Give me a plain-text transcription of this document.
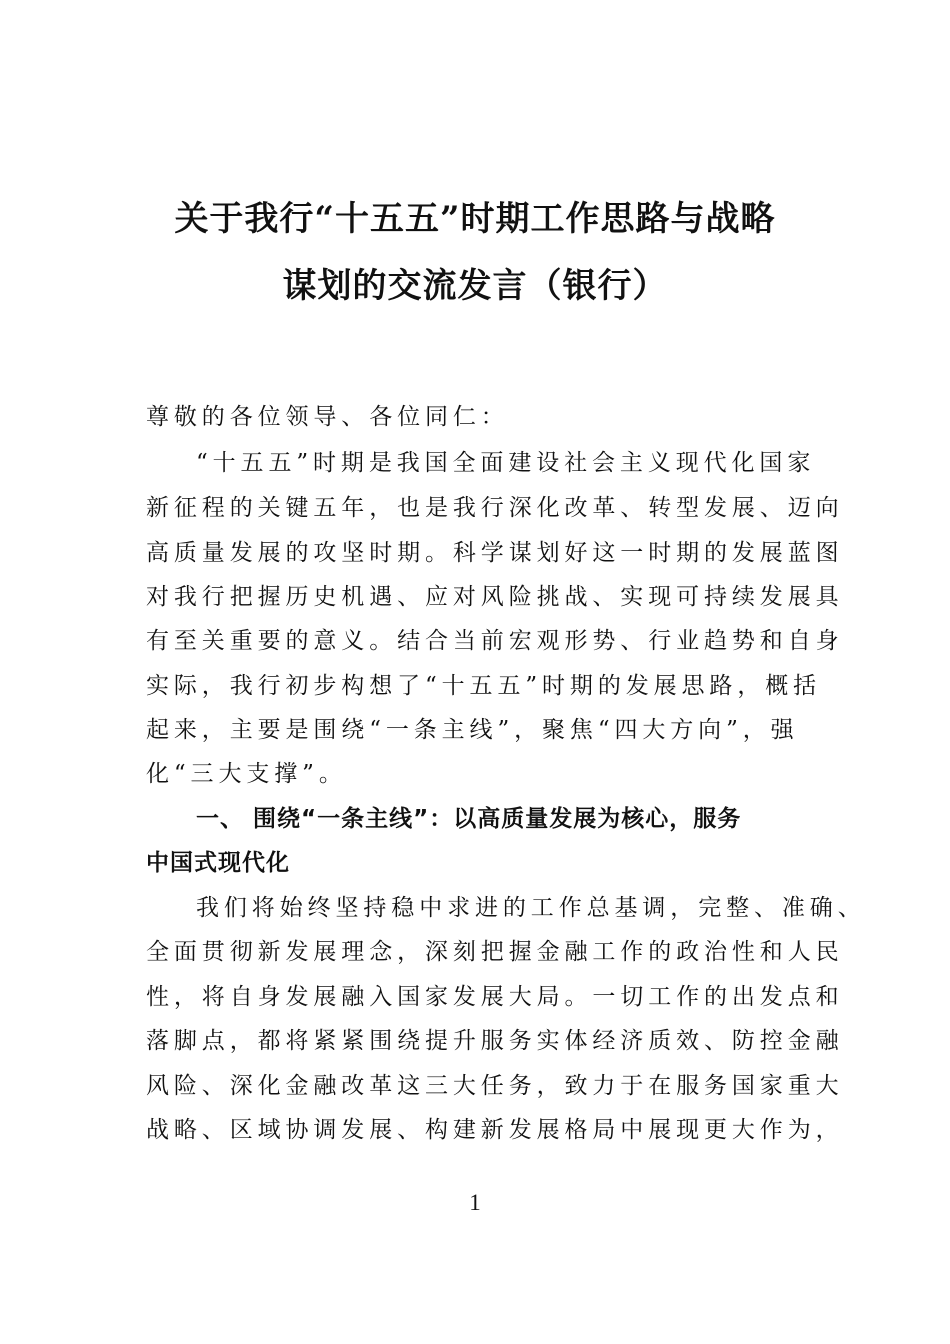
关于我行“十五五”时期工作思路与战略
谋划的交流发言（银行）
尊敬的各位领导、各位同仁：
“十五五”时期是我国全面建设社会主义现代化国家
新征程的关键五年，也是我行深化改革、转型发展、迈向
高质量发展的攻坚时期。科学谋划好这一时期的发展蓝图
对我行把握历史机遇、应对风险挑战、实现可持续发展具
有至关重要的意义。结合当前宏观形势、行业趋势和自身
实际，我行初步构想了“十五五”时期的发展思路，概括
起来，主要是围绕“一条主线”，聚焦“四大方向”，强
化“三大支撑”。
一、 围绕“一条主线”：以高质量发展为核心，服务
中国式现代化
我们将始终坚持稳中求进的工作总基调，完整、准确、
全面贯彻新发展理念，深刻把握金融工作的政治性和人民
性，将自身发展融入国家发展大局。一切工作的出发点和
落脚点，都将紧紧围绕提升服务实体经济质效、防控金融
风险、深化金融改革这三大任务，致力于在服务国家重大
战略、区域协调发展、构建新发展格局中展现更大作为，
1
